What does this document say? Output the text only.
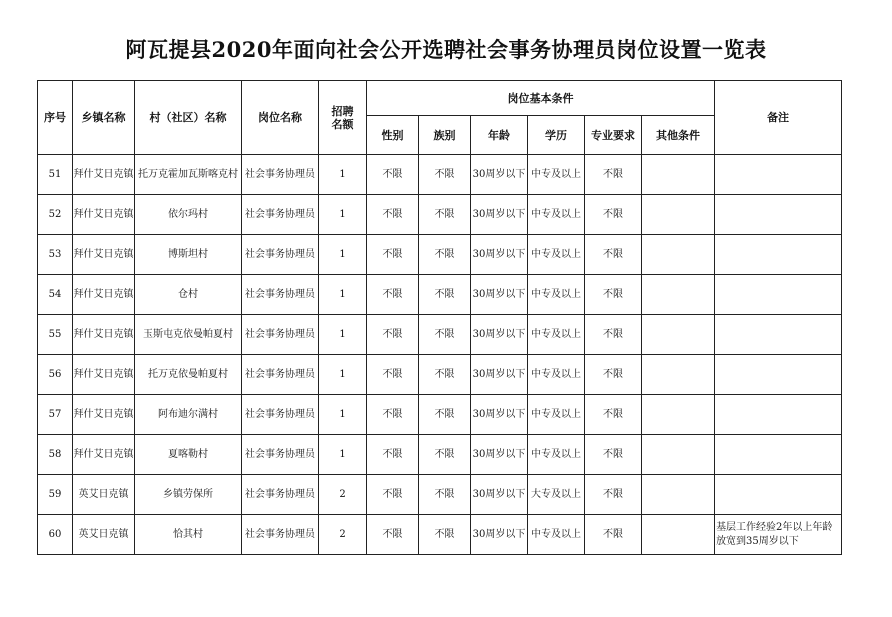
阿瓦提县2020年面向社会公开选聘社会事务协理员岗位设置一览表
序号	乡镇名称	村（社区）名称	岗位名称	招聘名额	岗位基本条件						备注
					性别	族别	年龄	学历	专业要求	其他条件	
51	拜什艾日克镇	托万克霍加瓦斯喀克村	社会事务协理员	1	不限	不限	30周岁以下	中专及以上	不限		
52	拜什艾日克镇	依尔玛村	社会事务协理员	1	不限	不限	30周岁以下	中专及以上	不限		
53	拜什艾日克镇	博斯坦村	社会事务协理员	1	不限	不限	30周岁以下	中专及以上	不限		
54	拜什艾日克镇	仓村	社会事务协理员	1	不限	不限	30周岁以下	中专及以上	不限		
55	拜什艾日克镇	玉斯屯克依曼帕夏村	社会事务协理员	1	不限	不限	30周岁以下	中专及以上	不限		
56	拜什艾日克镇	托万克依曼帕夏村	社会事务协理员	1	不限	不限	30周岁以下	中专及以上	不限		
57	拜什艾日克镇	阿布迪尔满村	社会事务协理员	1	不限	不限	30周岁以下	中专及以上	不限		
58	拜什艾日克镇	夏喀勒村	社会事务协理员	1	不限	不限	30周岁以下	中专及以上	不限		
59	英艾日克镇	乡镇劳保所	社会事务协理员	2	不限	不限	30周岁以下	大专及以上	不限		
60	英艾日克镇	恰其村	社会事务协理员	2	不限	不限	30周岁以下	中专及以上	不限		基层工作经验2年以上年龄放宽到35周岁以下
